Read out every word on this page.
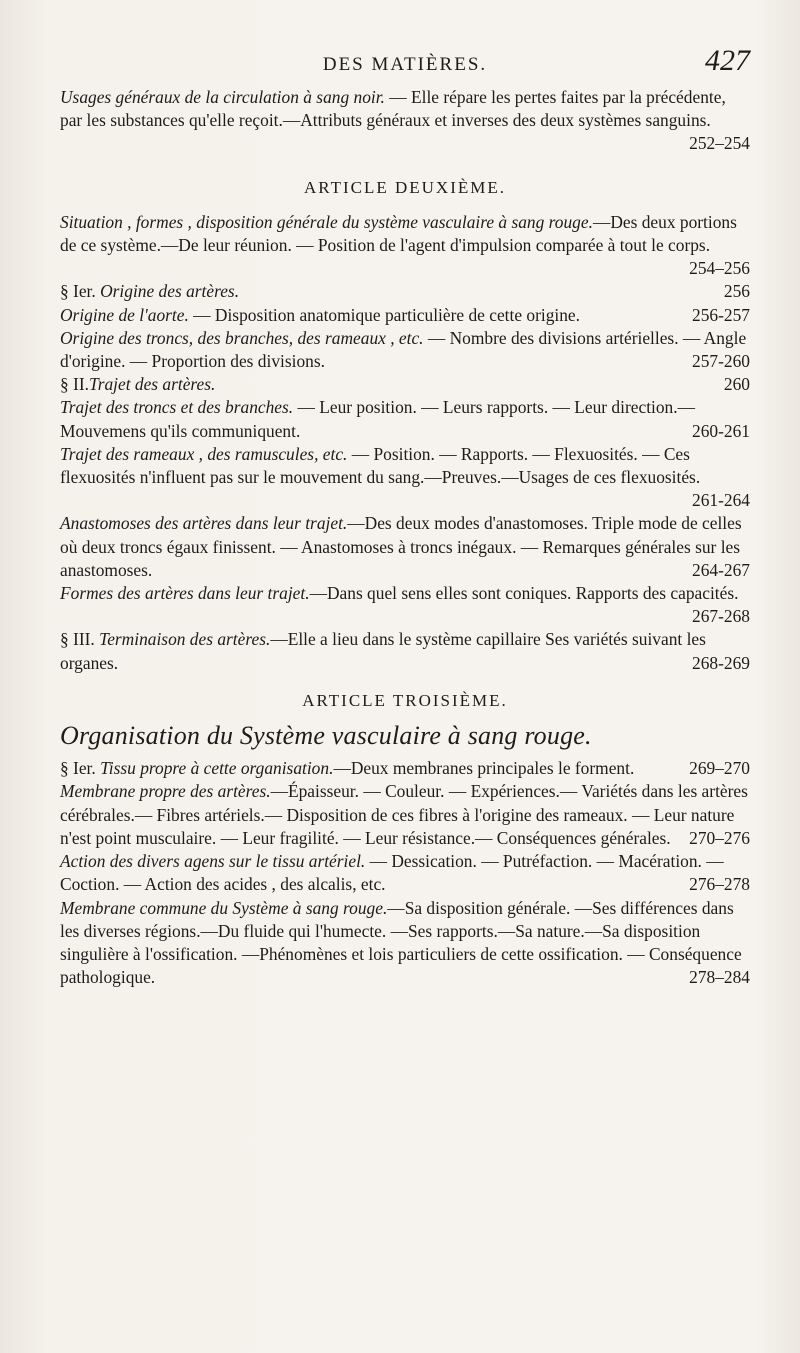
DES MATIÈRES.	427
Usages généraux de la circulation à sang noir. — Elle répare les pertes faites par la précédente, par les substances qu'elle reçoit.—Attributs généraux et inverses des deux systèmes sanguins.
252–254
ARTICLE DEUXIÈME.
Situation , formes , disposition générale du système vasculaire à sang rouge.—Des deux portions de ce système.—De leur réunion. — Position de l'agent d'impulsion comparée à tout le corps.
254–256
§ Ier. Origine des artères.	256
Origine de l'aorte. — Disposition anatomique particulière de cette origine.	256-257
Origine des troncs, des branches, des rameaux , etc. — Nombre des divisions artérielles. — Angle d'origine. — Proportion des divisions.	257-260
§ II.Trajet des artères.	260
Trajet des troncs et des branches. — Leur position. — Leurs rapports. — Leur direction.—Mouvemens qu'ils communiquent.	260-261
Trajet des rameaux , des ramuscules, etc. — Position. — Rapports. — Flexuosités. — Ces flexuosités n'influent pas sur le mouvement du sang.—Preuves.—Usages de ces flexuosités.
261-264
Anastomoses des artères dans leur trajet.—Des deux modes d'anastomoses. Triple mode de celles où deux troncs égaux finissent. — Anastomoses à troncs inégaux. — Remarques générales sur les anastomoses.	264-267
Formes des artères dans leur trajet.—Dans quel sens elles sont coniques. Rapports des capacités.
267-268
§ III. Terminaison des artères.—Elle a lieu dans le système capillaire Ses variétés suivant les organes.	268-269
ARTICLE TROISIÈME.
Organisation du Système vasculaire à sang rouge.
§ Ier. Tissu propre à cette organisation.—Deux membranes principales le forment.	269–270
Membrane propre des artères.—Épaisseur. — Couleur. — Expériences.— Variétés dans les artères cérébrales.— Fibres artériels.— Disposition de ces fibres à l'origine des rameaux. — Leur nature n'est point musculaire. — Leur fragilité. — Leur résistance.— Conséquences générales.	270–276
Action des divers agens sur le tissu artériel. — Dessication. — Putréfaction. — Macération. — Coction. — Action des acides , des alcalis, etc.	276–278
Membrane commune du Système à sang rouge.—Sa disposition générale. —Ses différences dans les diverses régions.—Du fluide qui l'humecte. —Ses rapports.—Sa nature.—Sa disposition singulière à l'ossification. —Phénomènes et lois particuliers de cette ossification. — Conséquence pathologique.	278–284
